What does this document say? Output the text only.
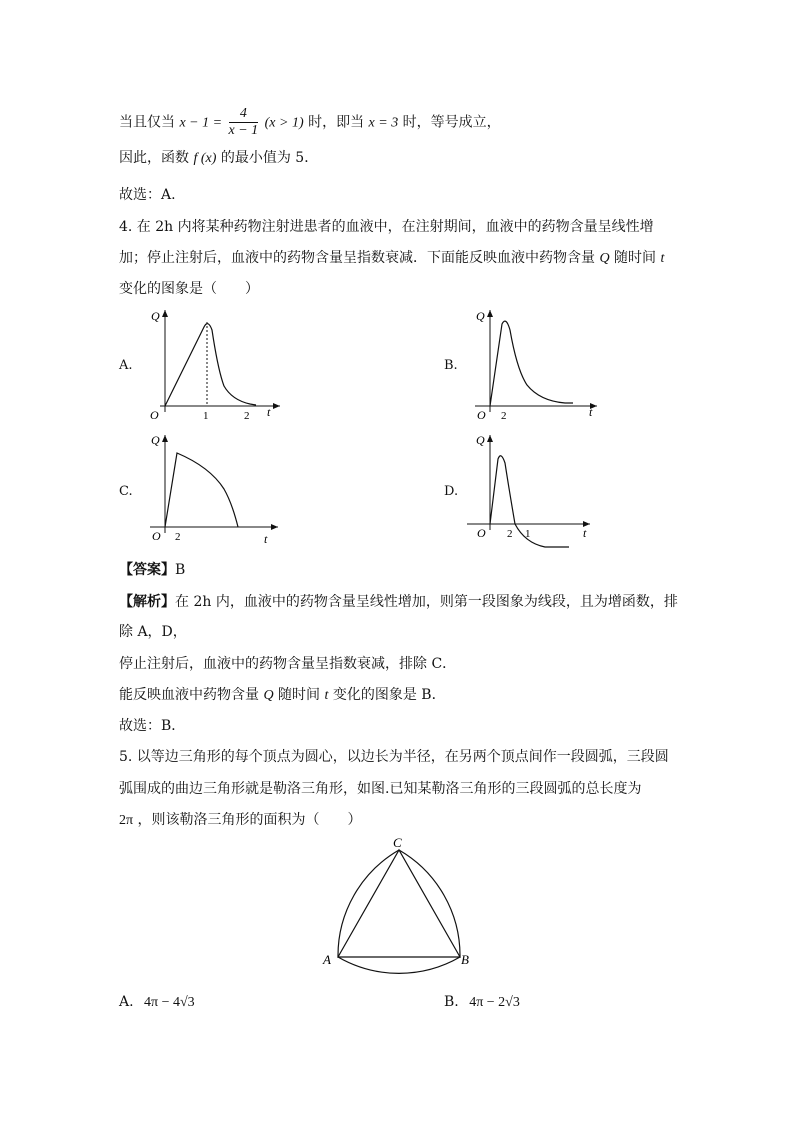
当且仅当 $x - 1 = \frac{4}{x - 1} (x > 1)$ 时，即当 x = 3 时，等号成立，
因此，函数 f (x) 的最小值为 5．
故选：A.
4. 在 2h 内将某种药物注射进患者的血液中，在注射期间，血液中的药物含量呈线性增
加；停止注射后，血液中的药物含量呈指数衰减．下面能反映血液中药物含量 Q 随时间 t
变化的图象是（　　）
A.	B.
C.	D.
Q
O	1	2 t
Q
O 2	t
Q
O 2	t
Q
O 2 1	t
【答案】B
【解析】在 2h 内，血液中的药物含量呈线性增加，则第一段图象为线段，且为增函数，排
除 A，D，
停止注射后，血液中的药物含量呈指数衰减，排除 C．
能反映血液中药物含量 Q 随时间 t 变化的图象是 B．
故选：B．
5. 以等边三角形的每个顶点为圆心，以边长为半径，在另两个顶点间作一段圆弧，三段圆
弧围成的曲边三角形就是勒洛三角形，如图.已知某勒洛三角形的三段圆弧的总长度为
2π ，则该勒洛三角形的面积为（　　）
A	B
C
A. 4π − 4√3	B. 4π − 2√3
